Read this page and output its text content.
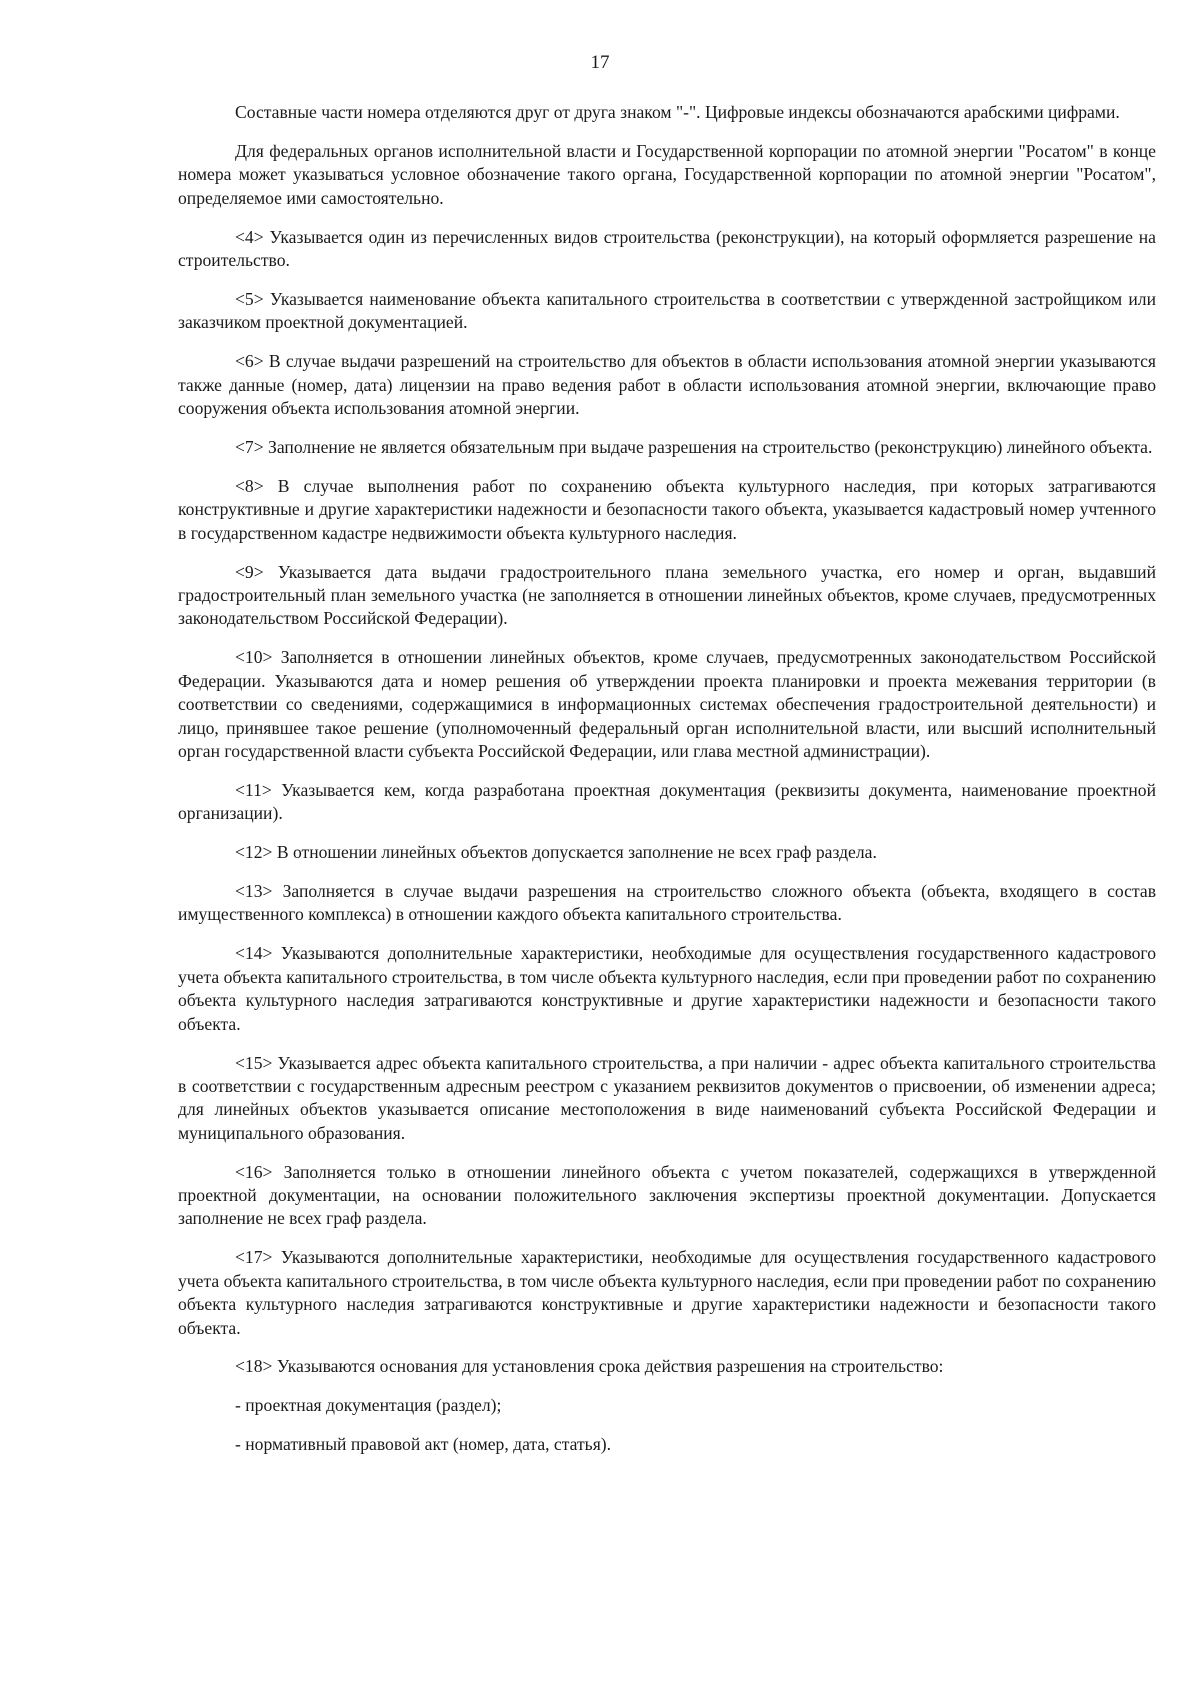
17

Составные части номера отделяются друг от друга знаком "-". Цифровые индексы обозначаются арабскими цифрами.

Для федеральных органов исполнительной власти и Государственной корпорации по атомной энергии "Росатом" в конце номера может указываться условное обозначение такого органа, Государственной корпорации по атомной энергии "Росатом", определяемое ими самостоятельно.

<4> Указывается один из перечисленных видов строительства (реконструкции), на который оформляется разрешение на строительство.

<5> Указывается наименование объекта капитального строительства в соответствии с утвержденной застройщиком или заказчиком проектной документацией.

<6> В случае выдачи разрешений на строительство для объектов в области использования атомной энергии указываются также данные (номер, дата) лицензии на право ведения работ в области использования атомной энергии, включающие право сооружения объекта использования атомной энергии.

<7> Заполнение не является обязательным при выдаче разрешения на строительство (реконструкцию) линейного объекта.

<8> В случае выполнения работ по сохранению объекта культурного наследия, при которых затрагиваются конструктивные и другие характеристики надежности и безопасности такого объекта, указывается кадастровый номер учтенного в государственном кадастре недвижимости объекта культурного наследия.

<9> Указывается дата выдачи градостроительного плана земельного участка, его номер и орган, выдавший градостроительный план земельного участка (не заполняется в отношении линейных объектов, кроме случаев, предусмотренных законодательством Российской Федерации).

<10> Заполняется в отношении линейных объектов, кроме случаев, предусмотренных законодательством Российской Федерации. Указываются дата и номер решения об утверждении проекта планировки и проекта межевания территории (в соответствии со сведениями, содержащимися в информационных системах обеспечения градостроительной деятельности) и лицо, принявшее такое решение (уполномоченный федеральный орган исполнительной власти, или высший исполнительный орган государственной власти субъекта Российской Федерации, или глава местной администрации).

<11> Указывается кем, когда разработана проектная документация (реквизиты документа, наименование проектной организации).

<12> В отношении линейных объектов допускается заполнение не всех граф раздела.

<13> Заполняется в случае выдачи разрешения на строительство сложного объекта (объекта, входящего в состав имущественного комплекса) в отношении каждого объекта капитального строительства.

<14> Указываются дополнительные характеристики, необходимые для осуществления государственного кадастрового учета объекта капитального строительства, в том числе объекта культурного наследия, если при проведении работ по сохранению объекта культурного наследия затрагиваются конструктивные и другие характеристики надежности и безопасности такого объекта.

<15> Указывается адрес объекта капитального строительства, а при наличии - адрес объекта капитального строительства в соответствии с государственным адресным реестром с указанием реквизитов документов о присвоении, об изменении адреса; для линейных объектов указывается описание местоположения в виде наименований субъекта Российской Федерации и муниципального образования.

<16> Заполняется только в отношении линейного объекта с учетом показателей, содержащихся в утвержденной проектной документации, на основании положительного заключения экспертизы проектной документации. Допускается заполнение не всех граф раздела.

<17> Указываются дополнительные характеристики, необходимые для осуществления государственного кадастрового учета объекта капитального строительства, в том числе объекта культурного наследия, если при проведении работ по сохранению объекта культурного наследия затрагиваются конструктивные и другие характеристики надежности и безопасности такого объекта.

<18> Указываются основания для установления срока действия разрешения на строительство:

- проектная документация (раздел);

- нормативный правовой акт (номер, дата, статья).
